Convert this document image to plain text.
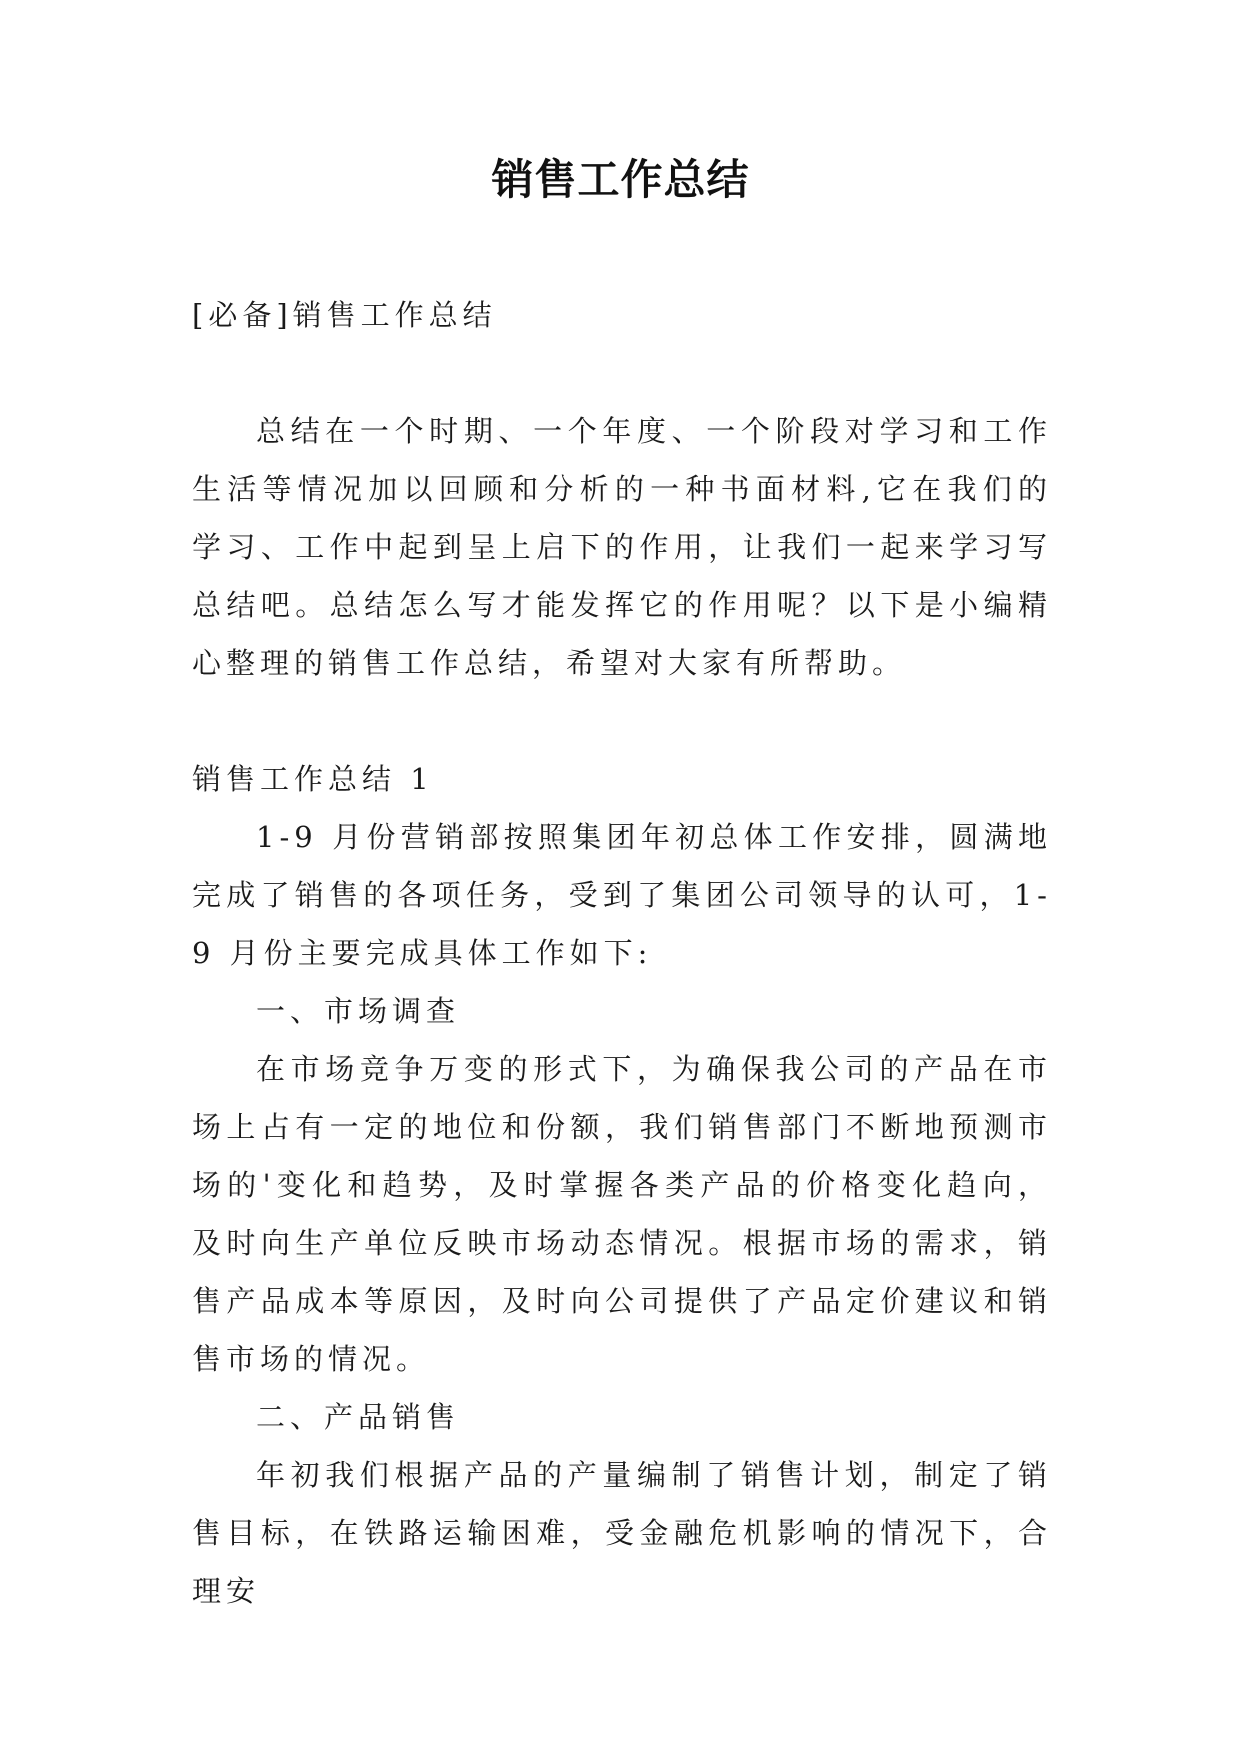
销售工作总结

[必备]销售工作总结

总结在一个时期、一个年度、一个阶段对学习和工作生活等情况加以回顾和分析的一种书面材料,它在我们的学习、工作中起到呈上启下的作用，让我们一起来学习写总结吧。总结怎么写才能发挥它的作用呢？以下是小编精心整理的销售工作总结，希望对大家有所帮助。

销售工作总结 1

1-9 月份营销部按照集团年初总体工作安排，圆满地完成了销售的各项任务，受到了集团公司领导的认可，1-9 月份主要完成具体工作如下:

一、市场调查

在市场竞争万变的形式下，为确保我公司的产品在市场上占有一定的地位和份额，我们销售部门不断地预测市场的'变化和趋势，及时掌握各类产品的价格变化趋向，及时向生产单位反映市场动态情况。根据市场的需求，销售产品成本等原因，及时向公司提供了产品定价建议和销售市场的情况。

二、产品销售

年初我们根据产品的产量编制了销售计划，制定了销售目标，在铁路运输困难，受金融危机影响的情况下，合理安
